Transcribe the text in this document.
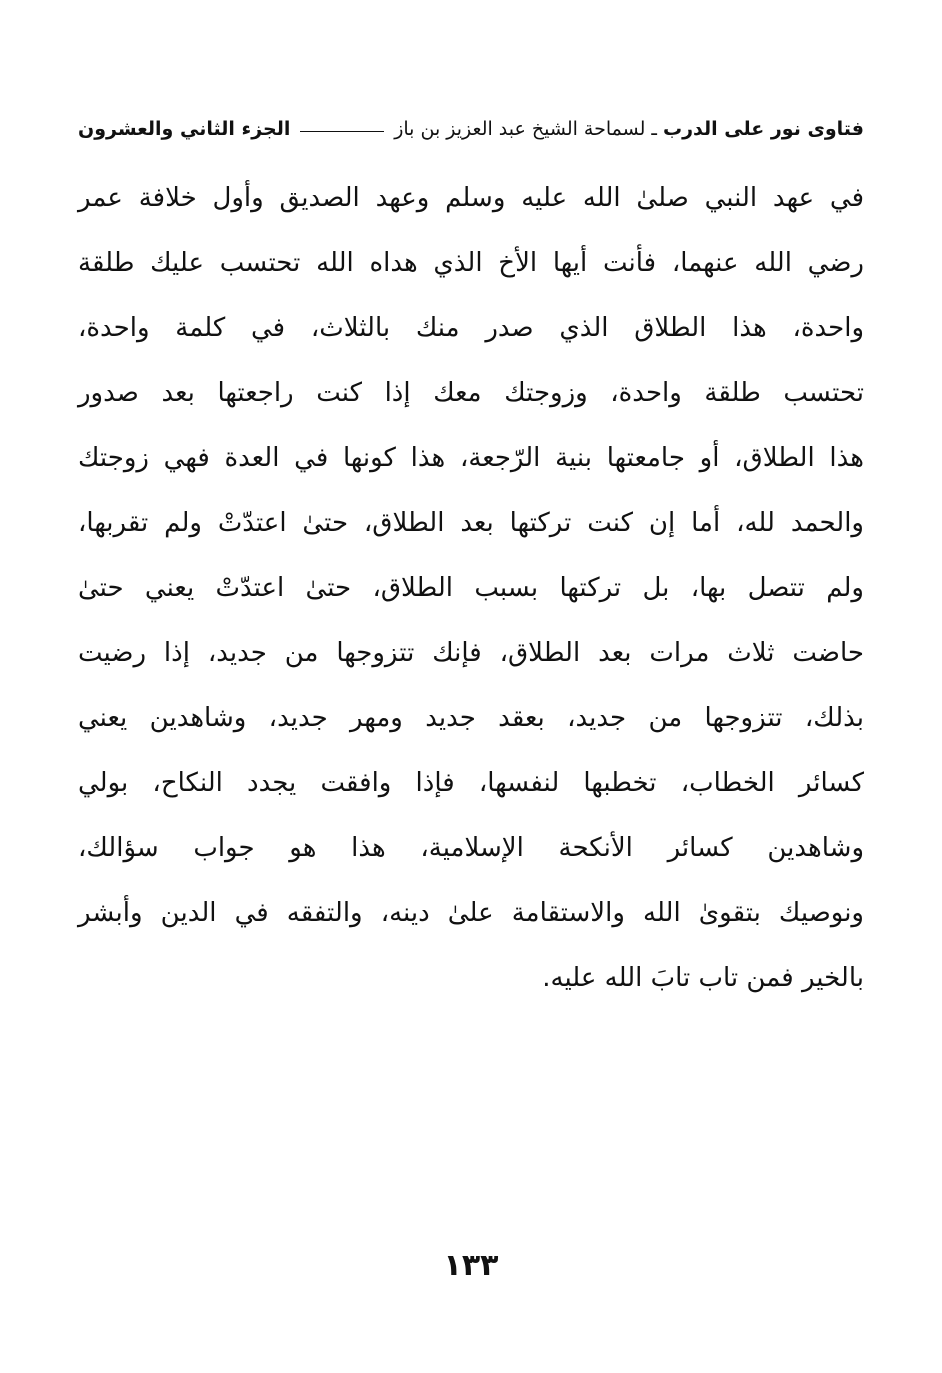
فتاوى نور على الدرب
ـ لسماحة الشيخ عبد العزيز بن باز
الجزء الثاني والعشرون
في عهد النبي صلىٰ الله عليه وسلم وعهد الصديق وأول خلافة عمر
رضي الله عنهما، فأنت أيها الأخ الذي هداه الله تحتسب عليك طلقة
واحدة، هذا الطلاق الذي صدر منك بالثلاث، في كلمة واحدة،
تحتسب طلقة واحدة، وزوجتك معك إذا كنت راجعتها بعد صدور
هذا الطلاق، أو جامعتها بنية الرّجعة، هذا كونها في العدة فهي زوجتك
والحمد لله، أما إن كنت تركتها بعد الطلاق، حتىٰ اعتدّتْ ولم تقربها،
ولم تتصل بها، بل تركتها بسبب الطلاق، حتىٰ اعتدّتْ يعني حتىٰ
حاضت ثلاث مرات بعد الطلاق، فإنك تتزوجها من جديد، إذا رضيت
بذلك، تتزوجها من جديد، بعقد جديد ومهر جديد، وشاهدين يعني
كسائر الخطاب، تخطبها لنفسها، فإذا وافقت يجدد النكاح، بولي
وشاهدين كسائر الأنكحة الإسلامية، هذا هو جواب سؤالك،
ونوصيك بتقوىٰ الله والاستقامة علىٰ دينه، والتفقه في الدين وأبشر
بالخير فمن تاب تابَ الله عليه.
١٣٣
